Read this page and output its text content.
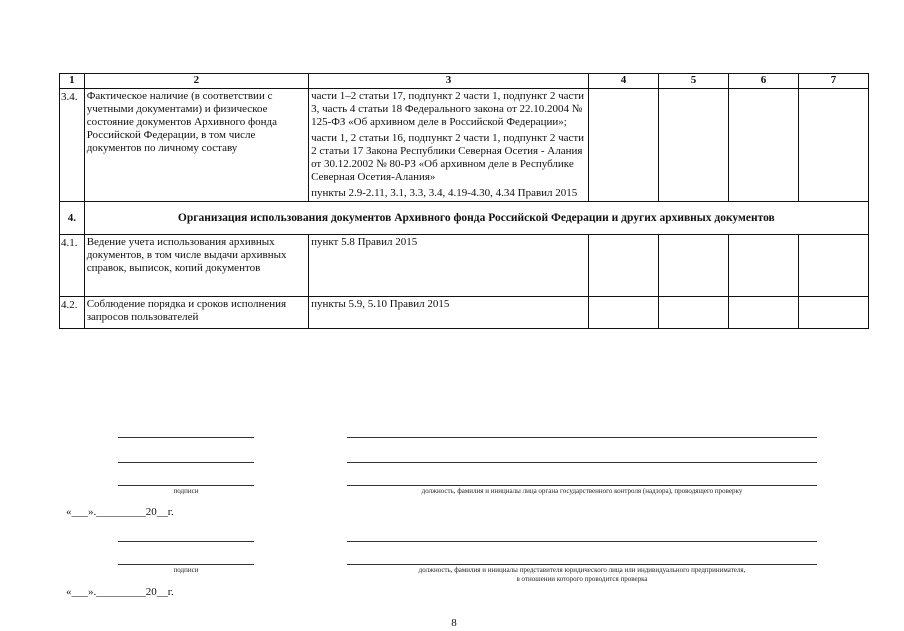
1	2	3	4	5	6	7
3.4.	Фактическое наличие (в соответствии с учетными документами) и физическое состояние документов Архивного фонда Российской Федерации, в том числе документов по личному составу	части 1–2 статьи 17, подпункт 2 части 1, подпункт 2 части 3, часть 4 статьи 18 Федерального закона от 22.10.2004 № 125-ФЗ «Об архивном деле в Российской Федерации»;
части 1, 2 статьи 16, подпункт 2 части 1, подпункт 2 части 2 статьи 17 Закона Республики Северная Осетия - Алания от 30.12.2002 № 80-РЗ «Об архивном деле в Республике Северная Осетия-Алания»
пункты 2.9-2.11, 3.1, 3.3, 3.4, 4.19-4.30, 4.34 Правил 2015				

4.	Организация использования документов Архивного фонда Российской Федерации и других архивных документов					
4.1.	Ведение учета использования архивных документов, в том числе выдачи архивных справок, выписок, копий документов	пункт 5.8 Правил 2015				
4.2.	Соблюдение порядка и сроков исполнения запросов пользователей	пункты 5.9, 5.10 Правил 2015				
подписи	должность, фамилия и инициалы лица органа государственного контроля (надзора), проводящего проверку
«___»._________20__г.
подписи	должность, фамилия и инициалы представителя юридического лица или индивидуального предпринимателя,
в отношении которого проводится проверка
«___»._________20__г.
8
